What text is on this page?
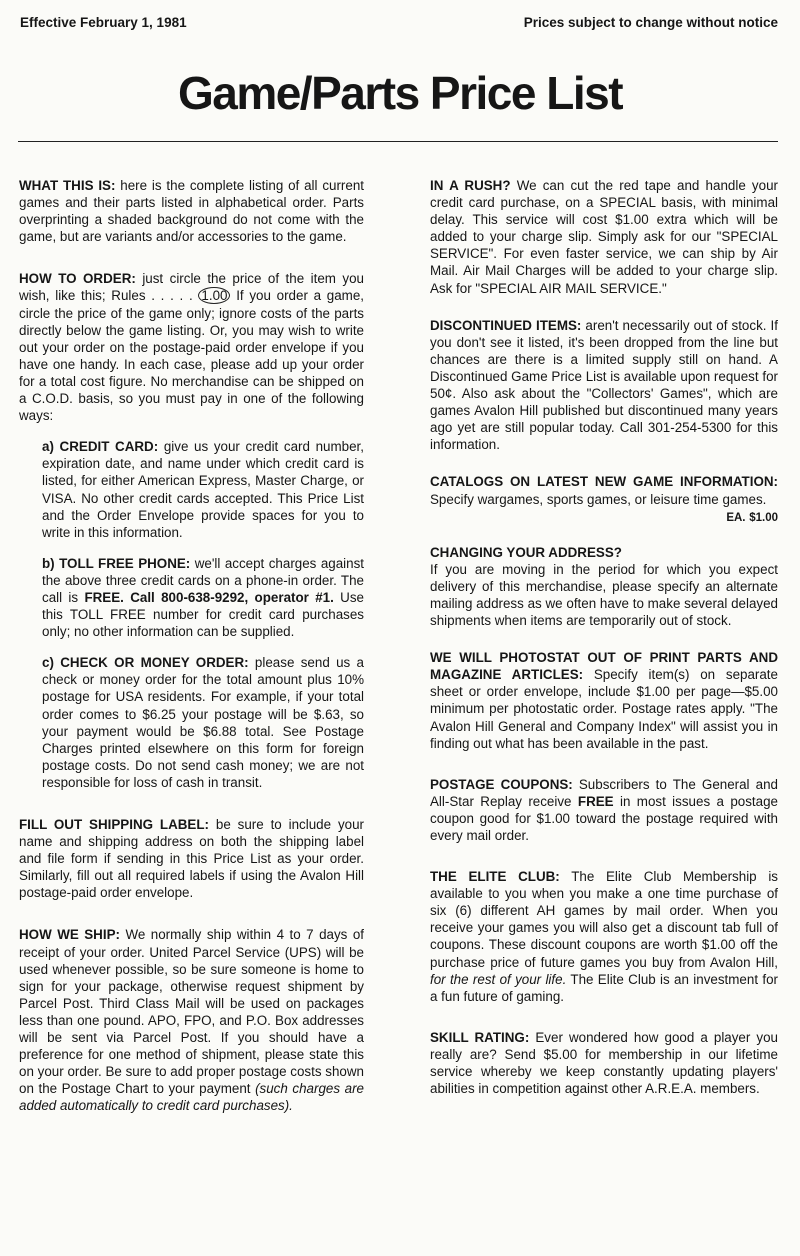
Effective February 1, 1981	Prices subject to change without notice
Game/Parts Price List

WHAT THIS IS: here is the complete listing of all current games and their parts listed in alphabetical order. Parts overprinting a shaded background do not come with the game, but are variants and/or accessories to the game.

HOW TO ORDER: just circle the price of the item you wish, like this; Rules . . . . . 1.00 If you order a game, circle the price of the game only; ignore costs of the parts directly below the game listing. Or, you may wish to write out your order on the postage-paid order envelope if you have one handy. In each case, please add up your order for a total cost figure. No merchandise can be shipped on a C.O.D. basis, so you must pay in one of the following ways:

a) CREDIT CARD: give us your credit card number, expiration date, and name under which credit card is listed, for either American Express, Master Charge, or VISA. No other credit cards accepted. This Price List and the Order Envelope provide spaces for you to write in this information.

b) TOLL FREE PHONE: we'll accept charges against the above three credit cards on a phone-in order. The call is FREE. Call 800-638-9292, operator #1. Use this TOLL FREE number for credit card purchases only; no other information can be supplied.

c) CHECK OR MONEY ORDER: please send us a check or money order for the total amount plus 10% postage for USA residents. For example, if your total order comes to $6.25 your postage will be $.63, so your payment would be $6.88 total. See Postage Charges printed elsewhere on this form for foreign postage costs. Do not send cash money; we are not responsible for loss of cash in transit.

FILL OUT SHIPPING LABEL: be sure to include your name and shipping address on both the shipping label and file form if sending in this Price List as your order. Similarly, fill out all required labels if using the Avalon Hill postage-paid order envelope.

HOW WE SHIP: We normally ship within 4 to 7 days of receipt of your order. United Parcel Service (UPS) will be used whenever possible, so be sure someone is home to sign for your package, otherwise request shipment by Parcel Post. Third Class Mail will be used on packages less than one pound. APO, FPO, and P.O. Box addresses will be sent via Parcel Post. If you should have a preference for one method of shipment, please state this on your order. Be sure to add proper postage costs shown on the Postage Chart to your payment (such charges are added automatically to credit card purchases).

IN A RUSH? We can cut the red tape and handle your credit card purchase, on a SPECIAL basis, with minimal delay. This service will cost $1.00 extra which will be added to your charge slip. Simply ask for our "SPECIAL SERVICE". For even faster service, we can ship by Air Mail. Air Mail Charges will be added to your charge slip. Ask for "SPECIAL AIR MAIL SERVICE."

DISCONTINUED ITEMS: aren't necessarily out of stock. If you don't see it listed, it's been dropped from the line but chances are there is a limited supply still on hand. A Discontinued Game Price List is available upon request for 50¢. Also ask about the "Collectors' Games", which are games Avalon Hill published but discontinued many years ago yet are still popular today. Call 301-254-5300 for this information.

CATALOGS ON LATEST NEW GAME INFORMATION: Specify wargames, sports games, or leisure time games.
EA. $1.00
CHANGING YOUR ADDRESS?
If you are moving in the period for which you expect delivery of this merchandise, please specify an alternate mailing address as we often have to make several delayed shipments when items are temporarily out of stock.

WE WILL PHOTOSTAT OUT OF PRINT PARTS AND MAGAZINE ARTICLES: Specify item(s) on separate sheet or order envelope, include $1.00 per page—$5.00 minimum per photostatic order. Postage rates apply. "The Avalon Hill General and Company Index" will assist you in finding out what has been available in the past.

POSTAGE COUPONS: Subscribers to The General and All-Star Replay receive FREE in most issues a postage coupon good for $1.00 toward the postage required with every mail order.

THE ELITE CLUB: The Elite Club Membership is available to you when you make a one time purchase of six (6) different AH games by mail order. When you receive your games you will also get a discount tab full of coupons. These discount coupons are worth $1.00 off the purchase price of future games you buy from Avalon Hill, for the rest of your life. The Elite Club is an investment for a fun future of gaming.

SKILL RATING: Ever wondered how good a player you really are? Send $5.00 for membership in our lifetime service whereby we keep constantly updating players' abilities in competition against other A.R.E.A. members.
